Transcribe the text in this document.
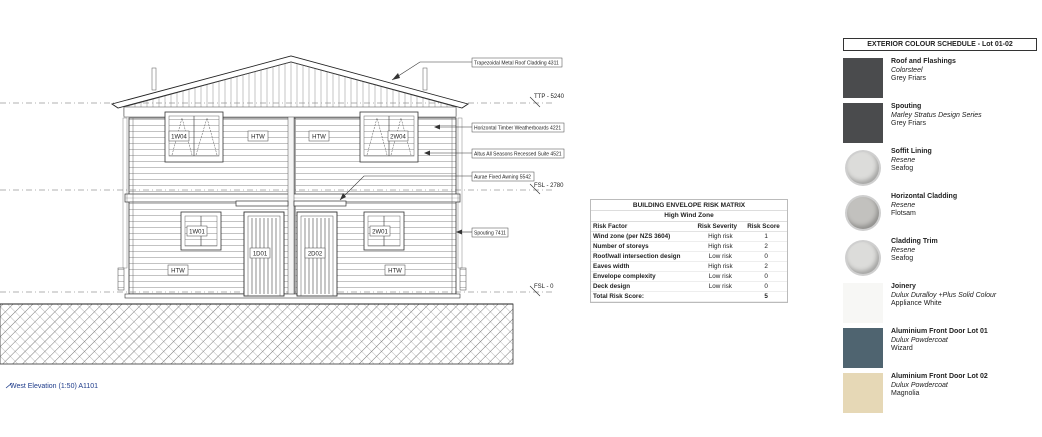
TTP - 5240
FSL - 2780
FSL - 0
1W04	2W04
HTW	HTW
1W01	2W01
1D01	2D02
HTW	HTW
Trapezoidal Metal Roof Cladding 4311
Horizontal Timber Weatherboards 4221
Altus All Seasons Recessed Suite 4521
Aurae Fixed Awning 5542
Spouting 7411
West Elevation (1:50) A1101
BUILDING ENVELOPE RISK MATRIX
High Wind Zone
Risk Factor	Risk Severity	Risk Score
Wind zone (per NZS 3604)	High risk	1
Number of storeys	High risk	2
Roof/wall intersection design	Low risk	0
Eaves width	High risk	2
Envelope complexity	Low risk	0
Deck design	Low risk	0
Total Risk Score:		5
EXTERIOR COLOUR SCHEDULE - Lot 01-02
Roof and Flashings
Colorsteel
Grey Friars
Spouting
Marley Stratus Design Series
Grey Friars
Soffit Lining
Resene
Seafog
Horizontal Cladding
Resene
Flotsam
Cladding Trim
Resene
Seafog
Joinery
Dulux Duralloy +Plus Solid Colour
Appliance White
Aluminium Front Door Lot 01
Dulux Powdercoat
Wizard
Aluminium Front Door Lot 02
Dulux Powdercoat
Magnolia
